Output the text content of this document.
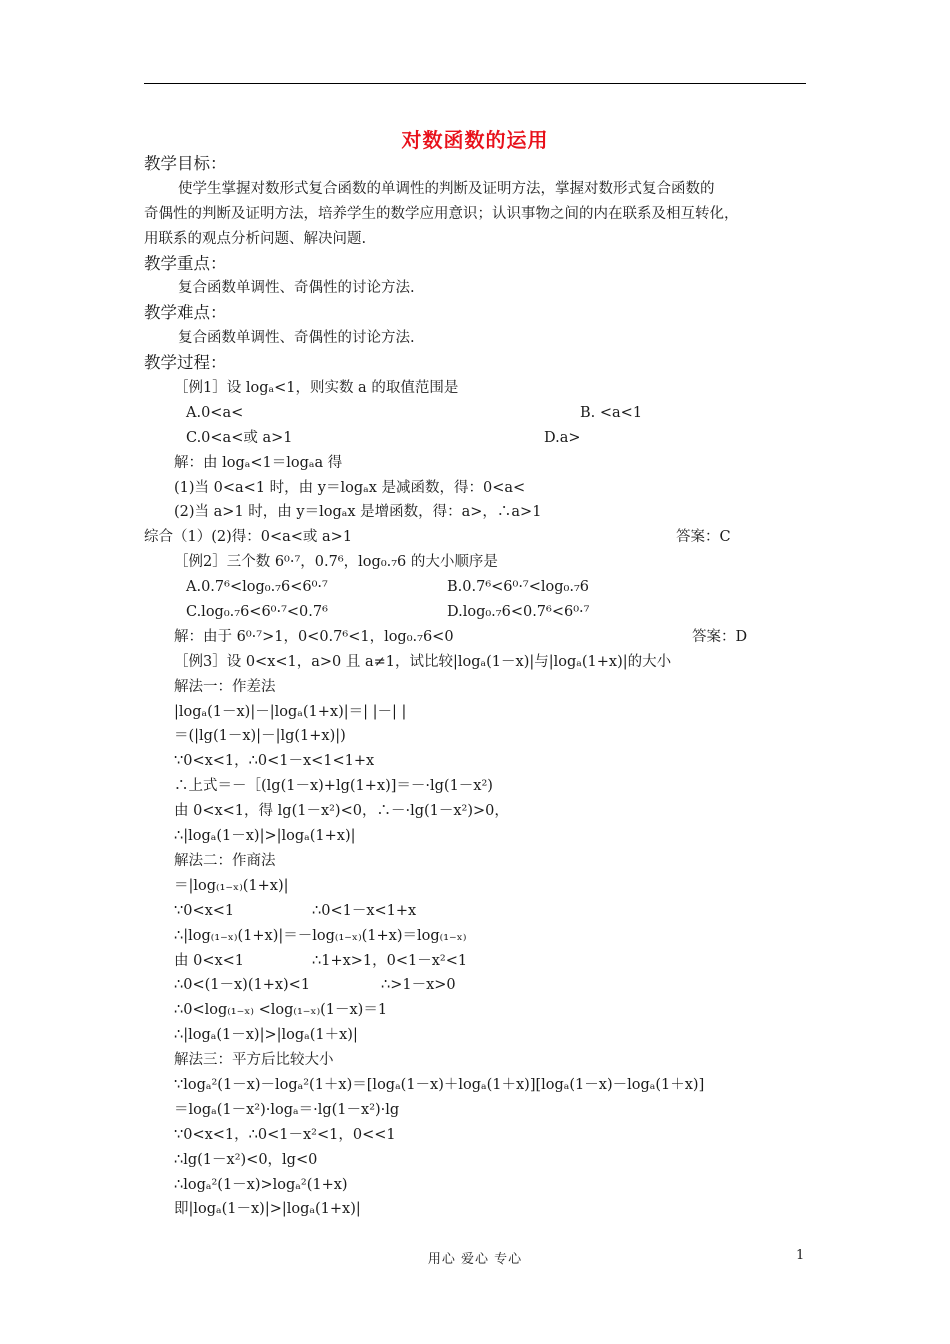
对数函数的运用
教学目标：
使学生掌握对数形式复合函数的单调性的判断及证明方法，掌握对数形式复合函数的
奇偶性的判断及证明方法，培养学生的数学应用意识；认识事物之间的内在联系及相互转化，
用联系的观点分析问题、解决问题.
教学重点：
复合函数单调性、奇偶性的讨论方法.
教学难点：
复合函数单调性、奇偶性的讨论方法.
教学过程：
［例1］设 logₐ<1，则实数 a 的取值范围是
A.0<a<	B. <a<1
C.0<a<或 a>1	D.a>
解：由 logₐ<1＝logₐa 得
(1)当 0<a<1 时，由 y＝logₐx 是减函数，得：0<a<
(2)当 a>1 时，由 y＝logₐx 是增函数，得：a>，∴a>1
综合（1）(2)得：0<a<或 a>1	答案：C
［例2］三个数 6⁰·⁷，0.7⁶，log₀.₇6 的大小顺序是
A.0.7⁶<log₀.₇6<6⁰·⁷	B.0.7⁶<6⁰·⁷<log₀.₇6
C.log₀.₇6<6⁰·⁷<0.7⁶	D.log₀.₇6<0.7⁶<6⁰·⁷
解：由于 6⁰·⁷>1，0<0.7⁶<1，log₀.₇6<0	答案：D
［例3］设 0<x<1，a>0 且 a≠1，试比较|logₐ(1－x)|与|logₐ(1+x)|的大小
解法一：作差法
|logₐ(1－x)|－|logₐ(1+x)|＝| |－| |
＝(|lg(1－x)|－|lg(1+x)|)
∵0<x<1，∴0<1－x<1<1+x
∴上式＝－［(lg(1－x)+lg(1+x)]＝－·lg(1－x²)
由 0<x<1，得 lg(1－x²)<0，∴－·lg(1－x²)>0，
∴|logₐ(1－x)|>|logₐ(1+x)|
解法二：作商法
＝|log₍₁₋ₓ₎(1+x)|
∵0<x<1	∴0<1－x<1+x
∴|log₍₁₋ₓ₎(1+x)|＝－log₍₁₋ₓ₎(1+x)＝log₍₁₋ₓ₎
由 0<x<1	∴1+x>1，0<1－x²<1
∴0<(1－x)(1+x)<1	∴>1－x>0
∴0<log₍₁₋ₓ₎ <log₍₁₋ₓ₎(1－x)＝1
∴|logₐ(1－x)|>|logₐ(1＋x)|
解法三：平方后比较大小
∵logₐ²(1－x)－logₐ²(1＋x)＝[logₐ(1－x)＋logₐ(1＋x)][logₐ(1－x)－logₐ(1＋x)]
＝logₐ(1－x²)·logₐ＝·lg(1－x²)·lg
∵0<x<1，∴0<1－x²<1，0<<1
∴lg(1－x²)<0，lg<0
∴logₐ²(1－x)>logₐ²(1+x)
即|logₐ(1－x)|>|logₐ(1+x)|
用心 爱心 专心	1
